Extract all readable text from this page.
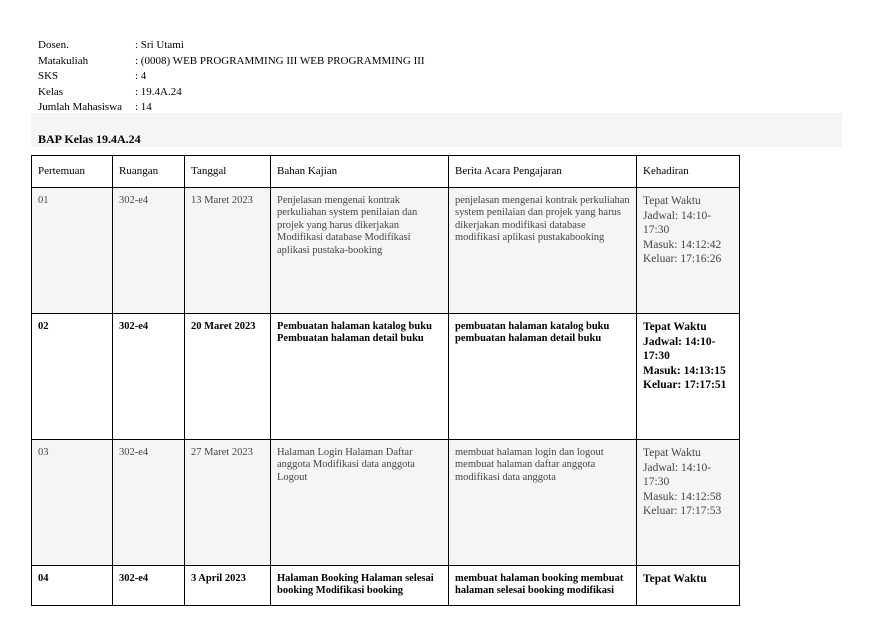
Dosen.	: Sri Utami
Matakuliah	: (0008) WEB PROGRAMMING III WEB PROGRAMMING III
SKS	: 4
Kelas	: 19.4A.24
Jumlah Mahasiswa	: 14
BAP Kelas 19.4A.24
Pertemuan	Ruangan	Tanggal	Bahan Kajian	Berita Acara Pengajaran	Kehadiran

01	302-e4	13 Maret 2023	Penjelasan mengenai kontrak perkuliahan system penilaian dan projek yang harus dikerjakan Modifikasi database Modifikasi aplikasi pustaka-booking	penjelasan mengenai kontrak perkuliahan system penilaian dan projek yang harus dikerjakan modifikasi database modifikasi aplikasi pustakabooking	Tepat Waktu
Jadwal: 14:10-17:30
Masuk: 14:12:42
Keluar: 17:16:26

02	302-e4	20 Maret 2023	Pembuatan halaman katalog buku Pembuatan halaman detail buku	pembuatan halaman katalog buku pembuatan halaman detail buku	Tepat Waktu
Jadwal: 14:10-17:30
Masuk: 14:13:15
Keluar: 17:17:51

03	302-e4	27 Maret 2023	Halaman Login Halaman Daftar anggota Modifikasi data anggota Logout	membuat halaman login dan logout membuat halaman daftar anggota modifikasi data anggota	Tepat Waktu
Jadwal: 14:10-17:30
Masuk: 14:12:58
Keluar: 17:17:53

04	302-e4	3 April 2023	Halaman Booking Halaman selesai booking Modifikasi booking	membuat halaman booking membuat halaman selesai booking modifikasi	Tepat Waktu
